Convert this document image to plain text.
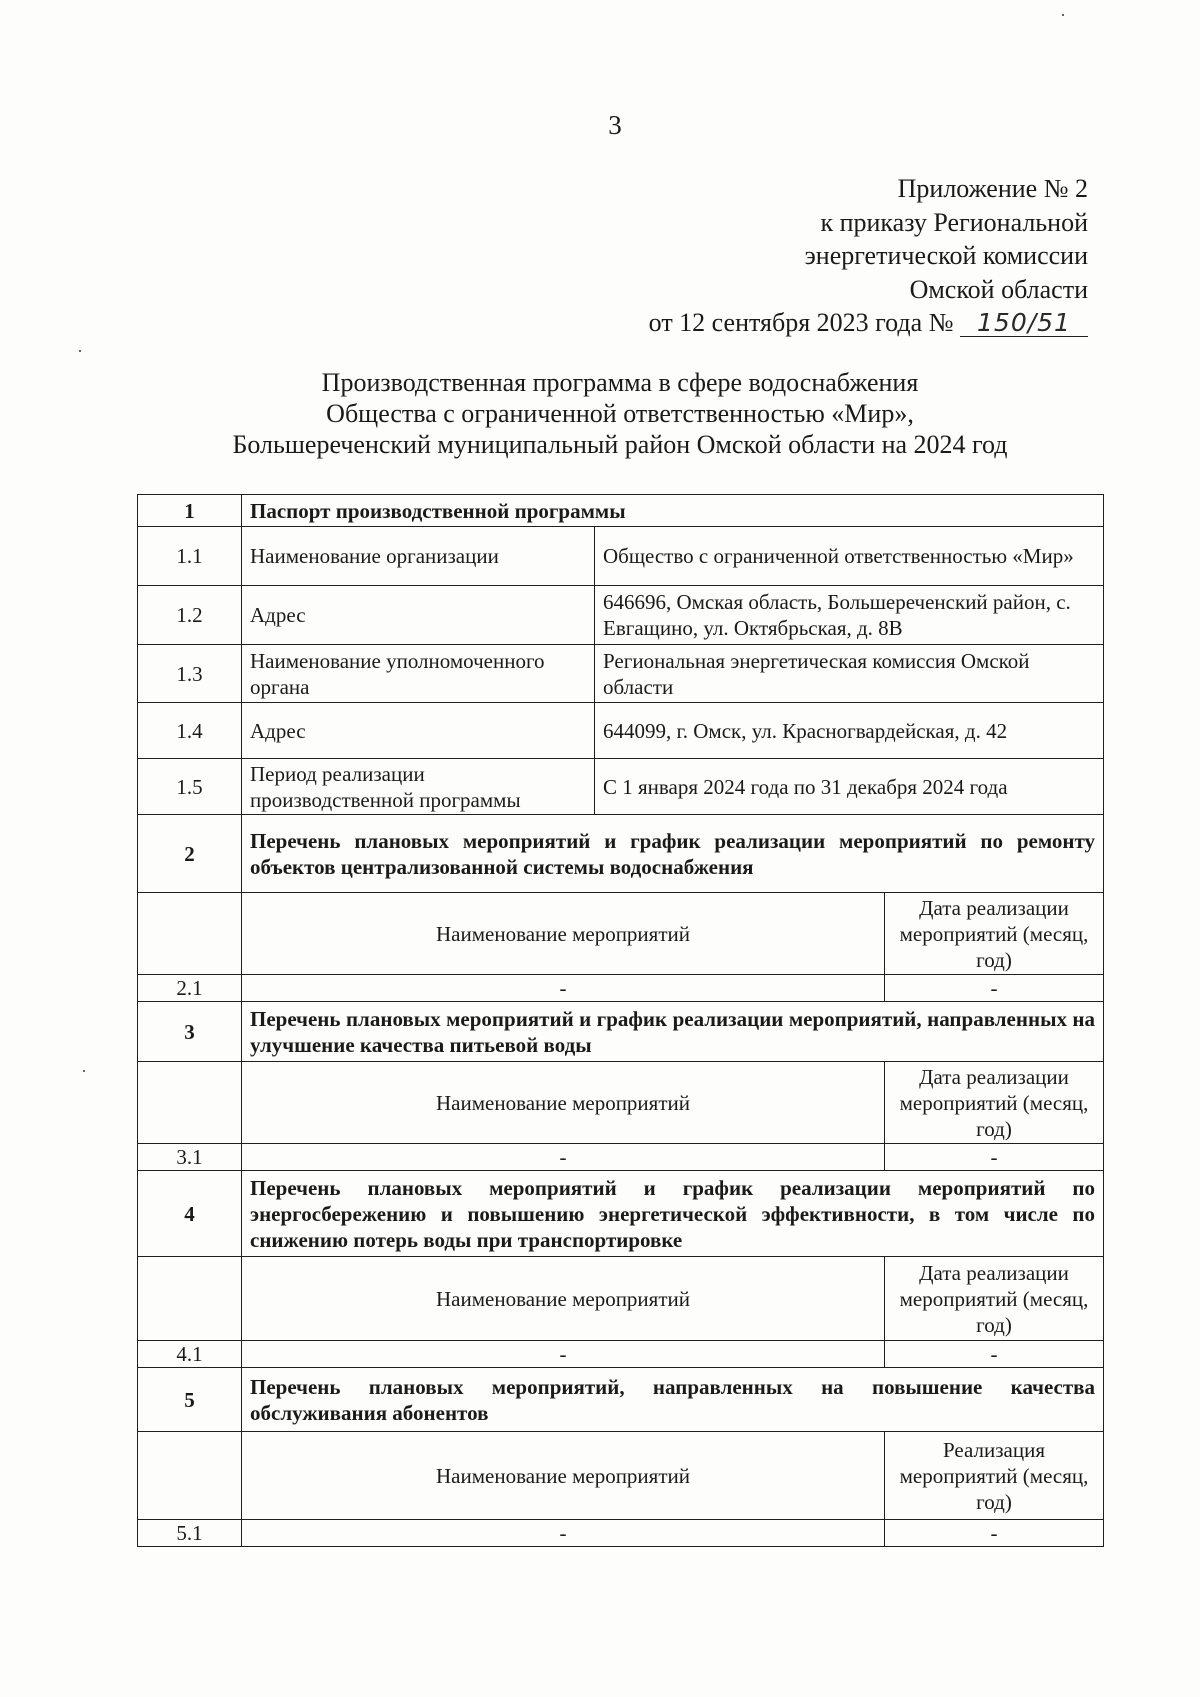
3
Приложение № 2
к приказу Региональной
энергетической комиссии
Омской области
от 12 сентября 2023 года № 150/51
Производственная программа в сфере водоснабжения
Общества с ограниченной ответственностью «Мир»,
Большереченский муниципальный район Омской области на 2024 год
1	Паспорт производственной программы		
1.1	Наименование организации	Общество с ограниченной ответственностью «Мир»	
1.2	Адрес	646696, Омская область, Большереченский район, с. Евгащино, ул. Октябрьская, д. 8В	
1.3	Наименование уполномоченного органа	Региональная энергетическая комиссия Омской области	
1.4	Адрес	644099, г. Омск, ул. Красногвардейская, д. 42	
1.5	Период реализации производственной программы	С 1 января 2024 года по 31 декабря 2024 года	
2	Перечень плановых мероприятий и график реализации мероприятий по ремонту объектов централизованной системы водоснабжения		
	Наименование мероприятий		Дата реализации мероприятий (месяц, год)
2.1	-		-
3	Перечень плановых мероприятий и график реализации мероприятий, направленных на улучшение качества питьевой воды		
	Наименование мероприятий		Дата реализации мероприятий (месяц, год)
3.1	-		-
4	Перечень плановых мероприятий и график реализации мероприятий по энергосбережению и повышению энергетической эффективности, в том числе по снижению потерь воды при транспортировке		
	Наименование мероприятий		Дата реализации мероприятий (месяц, год)
4.1	-		-
5	Перечень плановых мероприятий, направленных на повышение качества обслуживания абонентов		
	Наименование мероприятий		Реализация мероприятий (месяц, год)
5.1	-		-
